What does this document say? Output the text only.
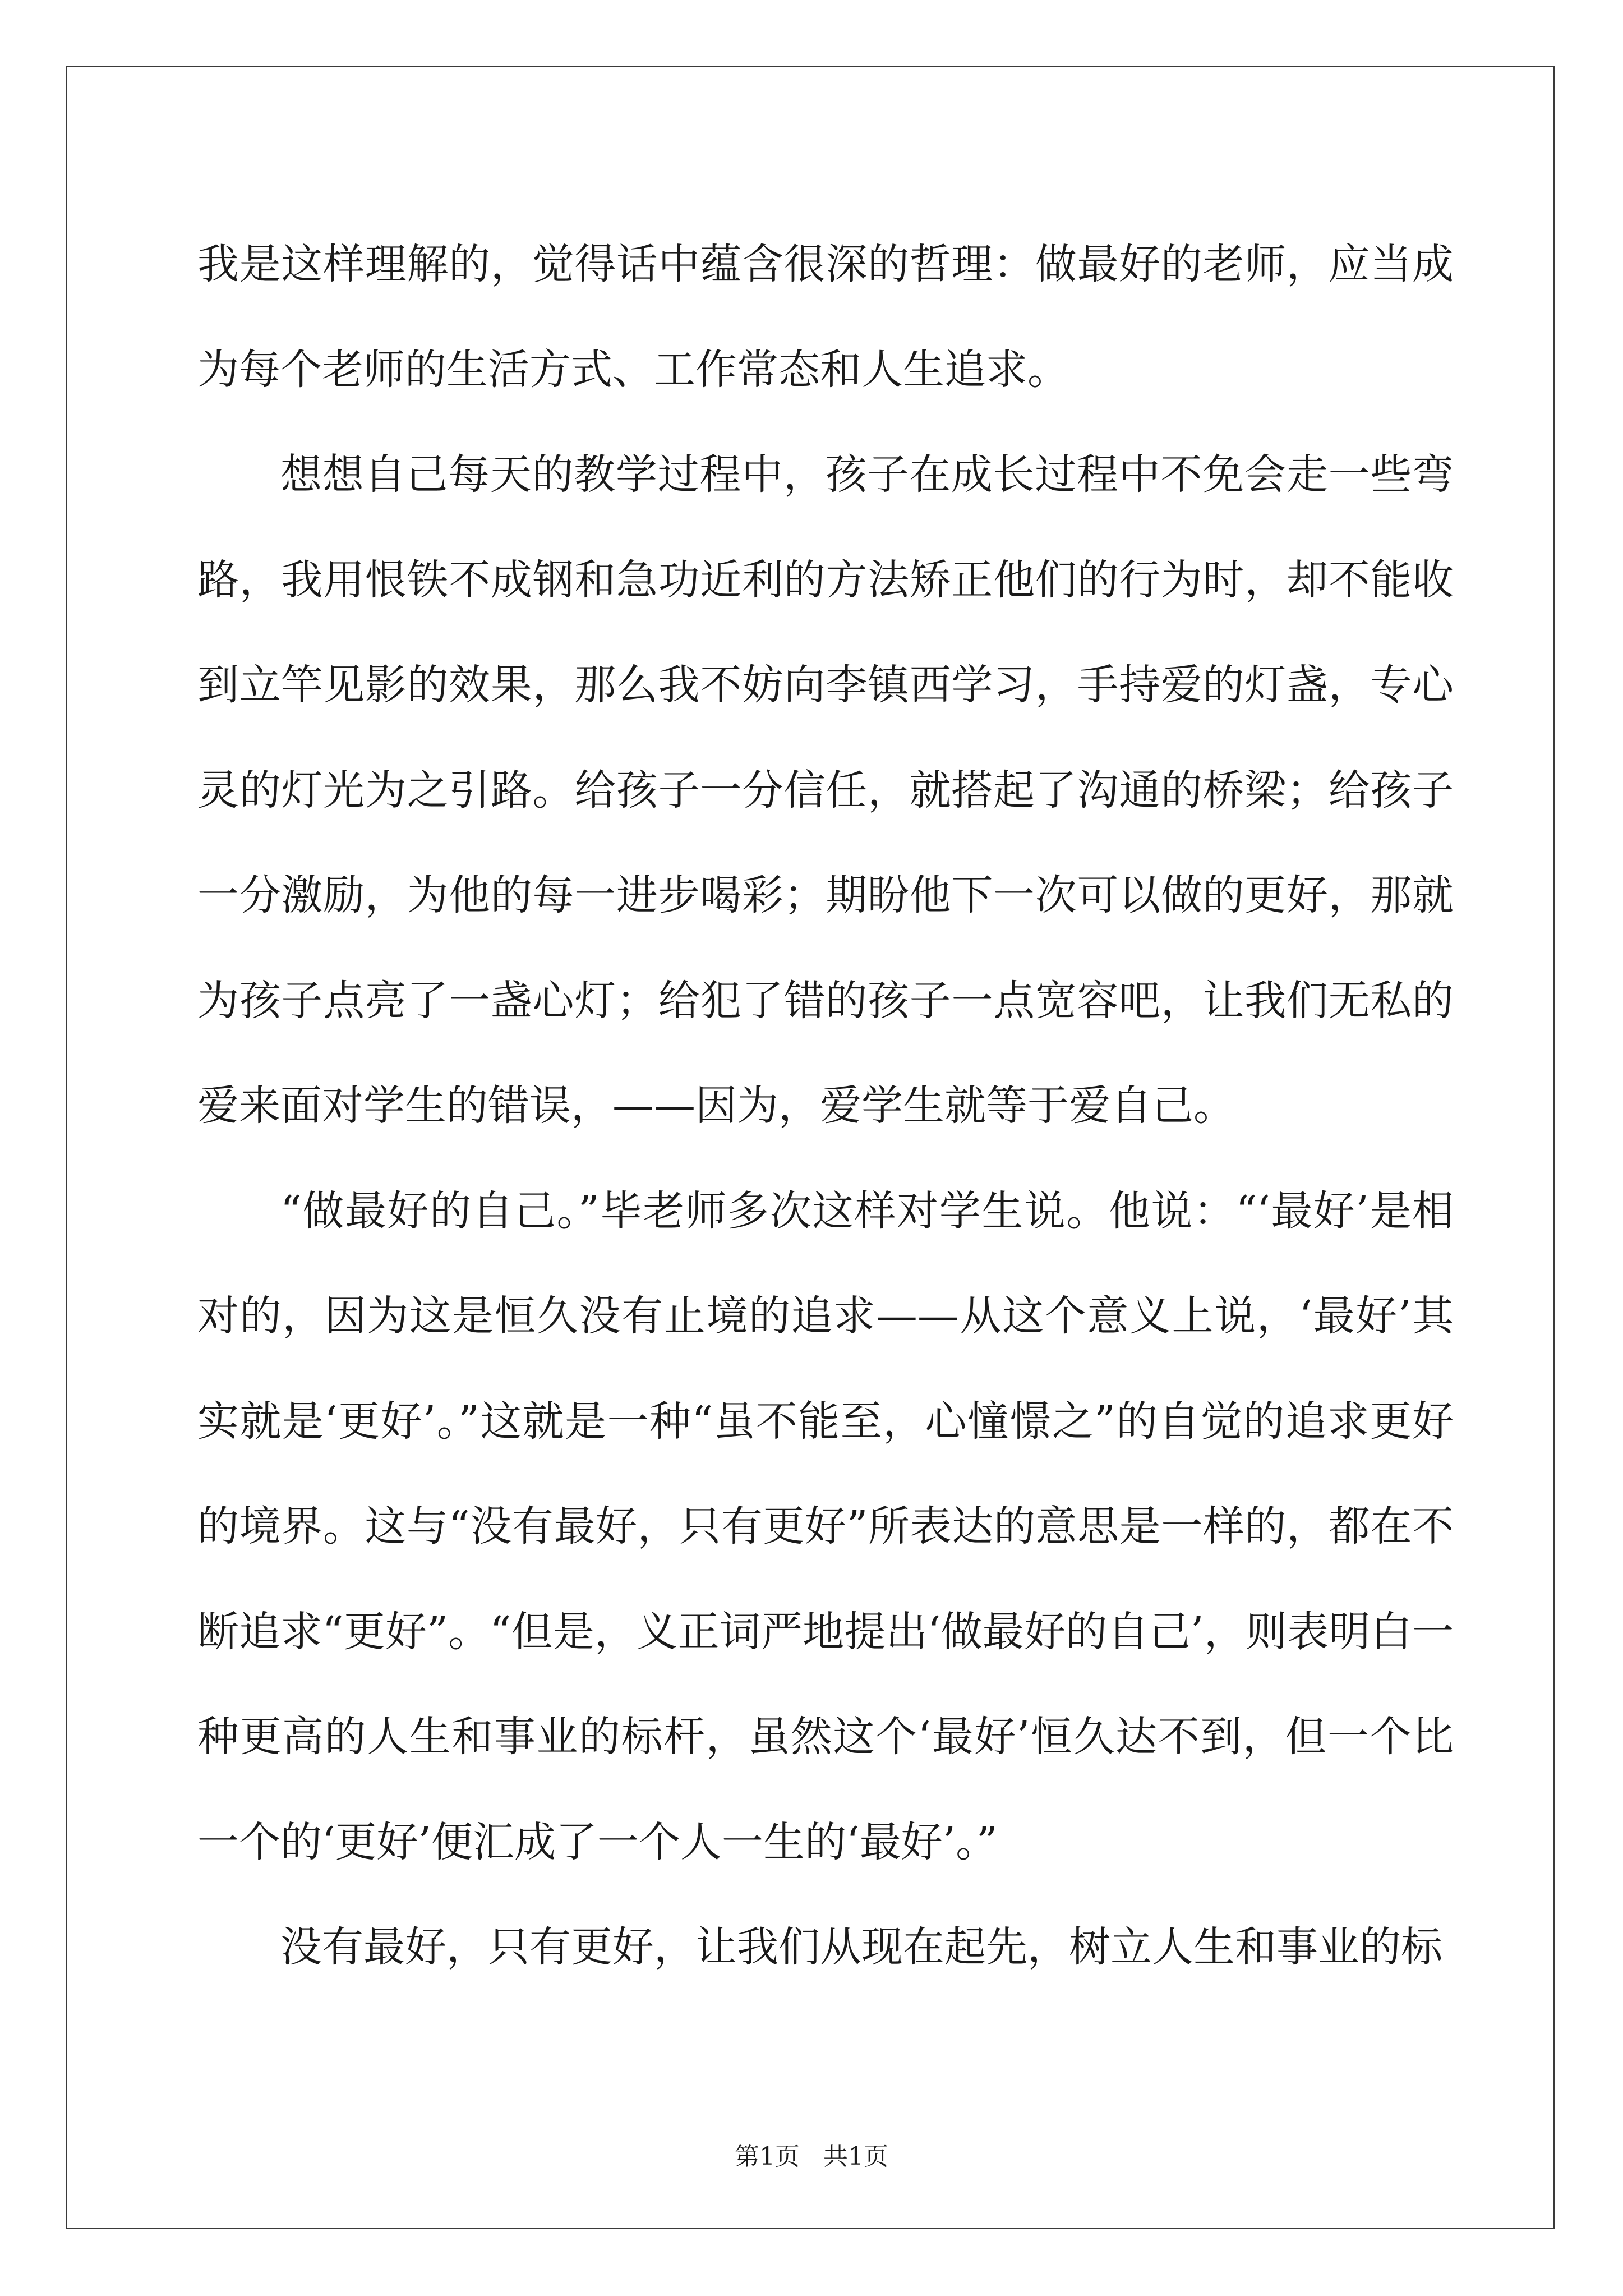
我是这样理解的，觉得话中蕴含很深的哲理：做最好的老师，应当成为每个老师的生活方式、工作常态和人生追求。

想想自己每天的教学过程中，孩子在成长过程中不免会走一些弯路，我用恨铁不成钢和急功近利的方法矫正他们的行为时，却不能收到立竿见影的效果，那么我不妨向李镇西学习，手持爱的灯盏，专心灵的灯光为之引路。给孩子一分信任，就搭起了沟通的桥梁；给孩子一分激励，为他的每一进步喝彩；期盼他下一次可以做的更好，那就为孩子点亮了一盏心灯；给犯了错的孩子一点宽容吧，让我们无私的爱来面对学生的错误，——因为，爱学生就等于爱自己。

“做最好的自己。”毕老师多次这样对学生说。他说：“‘最好’是相对的，因为这是恒久没有止境的追求——从这个意义上说，‘最好’其实就是‘更好’。”这就是一种“虽不能至，心憧憬之”的自觉的追求更好的境界。这与“没有最好，只有更好”所表达的意思是一样的，都在不断追求“更好”。“但是，义正词严地提出‘做最好的自己’，则表明白一种更高的人生和事业的标杆，虽然这个‘最好’恒久达不到，但一个比一个的‘更好’便汇成了一个人一生的‘最好’。”

没有最好，只有更好，让我们从现在起先，树立人生和事业的标

第1页   共1页
